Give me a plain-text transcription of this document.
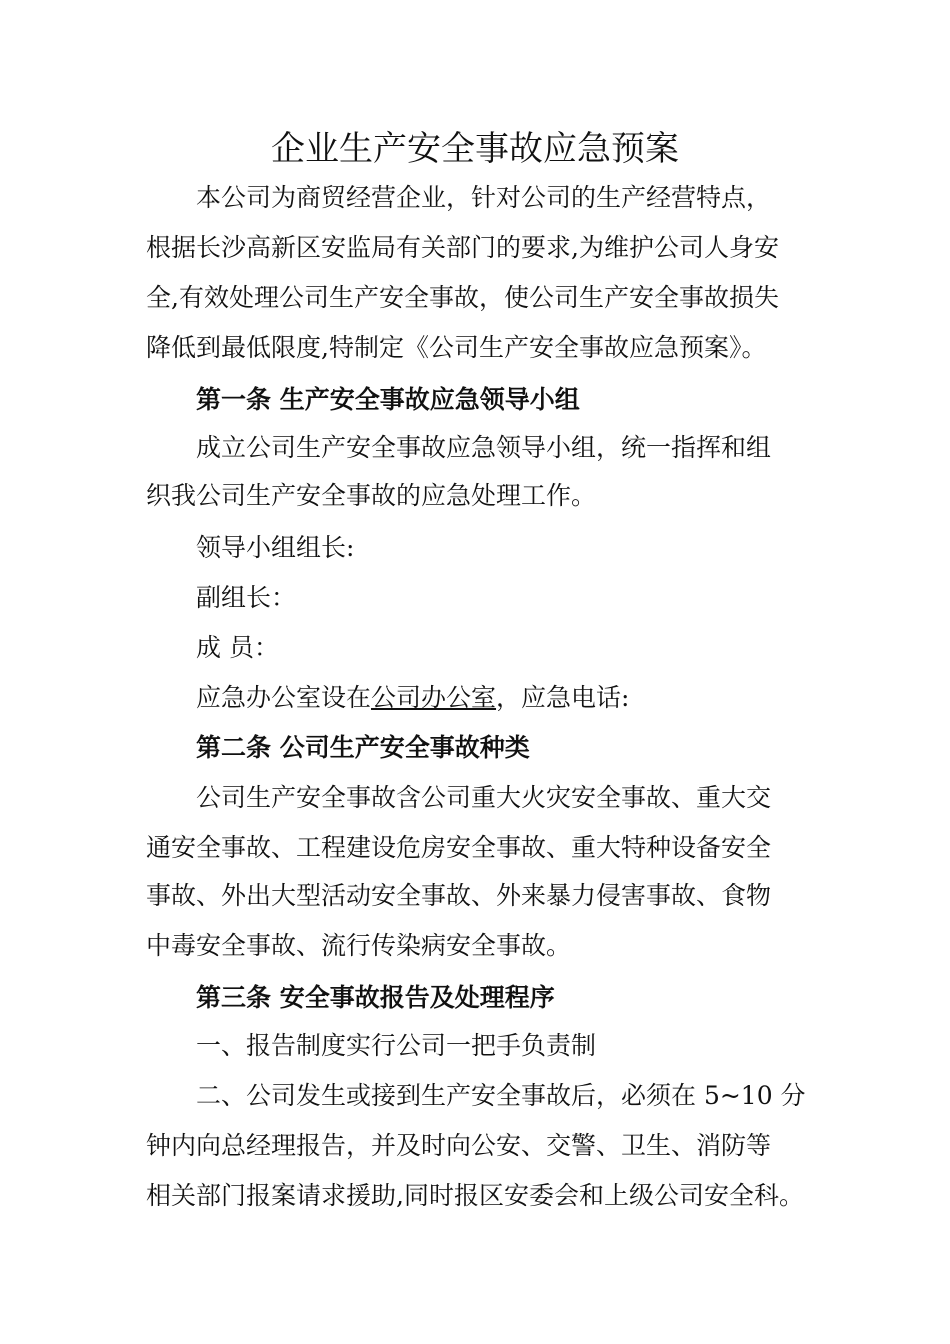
企业生产安全事故应急预案

本公司为商贸经营企业，针对公司的生产经营特点，

根据长沙高新区安监局有关部门的要求,为维护公司人身安

全,有效处理公司生产安全事故，使公司生产安全事故损失

降低到最低限度,特制定《公司生产安全事故应急预案》。

第一条 生产安全事故应急领导小组

成立公司生产安全事故应急领导小组，统一指挥和组

织我公司生产安全事故的应急处理工作。

领导小组组长:

副组长：

成 员：

应急办公室设在公司办公室，应急电话:

第二条 公司生产安全事故种类

公司生产安全事故含公司重大火灾安全事故、重大交

通安全事故、工程建设危房安全事故、重大特种设备安全

事故、外出大型活动安全事故、外来暴力侵害事故、食物

中毒安全事故、流行传染病安全事故。

第三条 安全事故报告及处理程序

一、报告制度实行公司一把手负责制

二、公司发生或接到生产安全事故后，必须在 5~10 分

钟内向总经理报告，并及时向公安、交警、卫生、消防等

相关部门报案请求援助,同时报区安委会和上级公司安全科。
